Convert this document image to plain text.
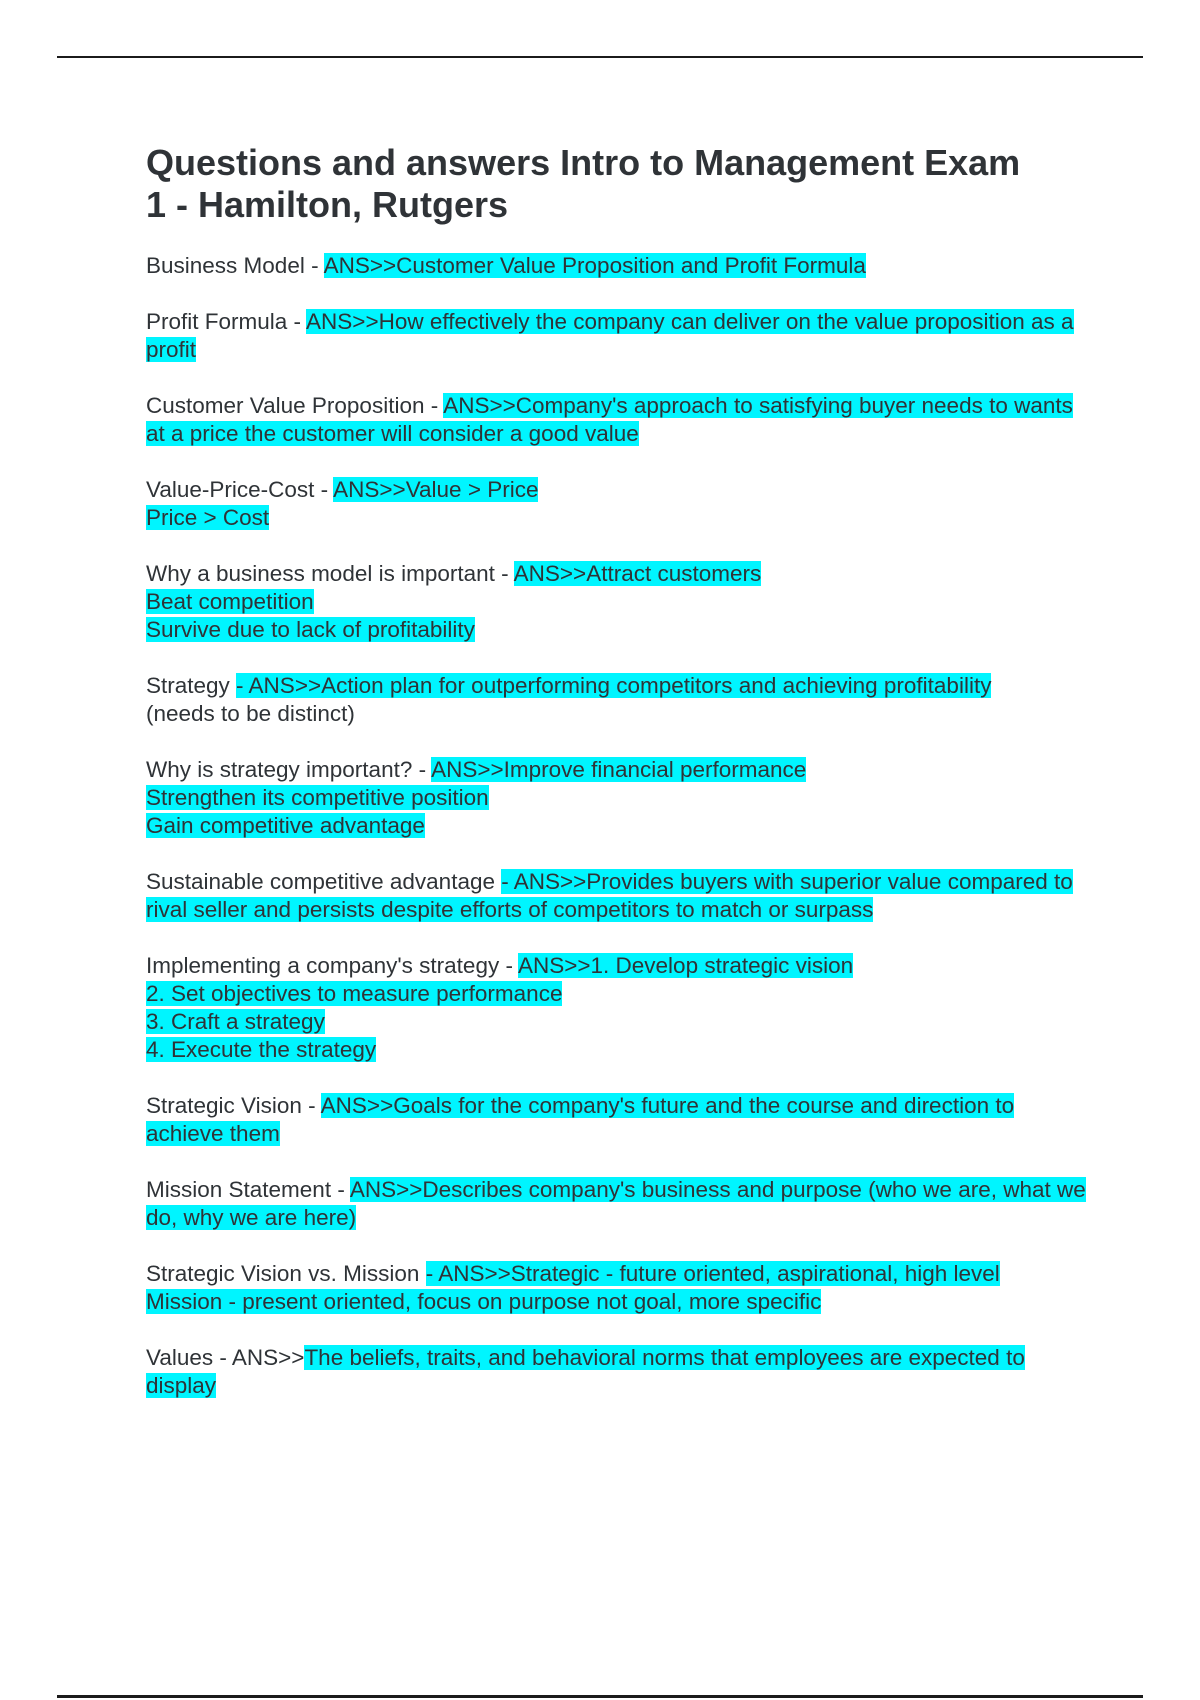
Questions and answers Intro to Management Exam 1 - Hamilton, Rutgers
Business Model - ANS>>Customer Value Proposition and Profit Formula
Profit Formula - ANS>>How effectively the company can deliver on the value proposition as a profit
Customer Value Proposition - ANS>>Company's approach to satisfying buyer needs to wants at a price the customer will consider a good value
Value-Price-Cost - ANS>>Value > Price
Price > Cost
Why a business model is important - ANS>>Attract customers
Beat competition
Survive due to lack of profitability
Strategy - ANS>>Action plan for outperforming competitors and achieving profitability
(needs to be distinct)
Why is strategy important? - ANS>>Improve financial performance
Strengthen its competitive position
Gain competitive advantage
Sustainable competitive advantage - ANS>>Provides buyers with superior value compared to rival seller and persists despite efforts of competitors to match or surpass
Implementing a company's strategy - ANS>>1. Develop strategic vision
2. Set objectives to measure performance
3. Craft a strategy
4. Execute the strategy
Strategic Vision - ANS>>Goals for the company's future and the course and direction to achieve them
Mission Statement - ANS>>Describes company's business and purpose (who we are, what we do, why we are here)
Strategic Vision vs. Mission - ANS>>Strategic - future oriented, aspirational, high level
Mission - present oriented, focus on purpose not goal, more specific
Values - ANS>>The beliefs, traits, and behavioral norms that employees are expected to display
